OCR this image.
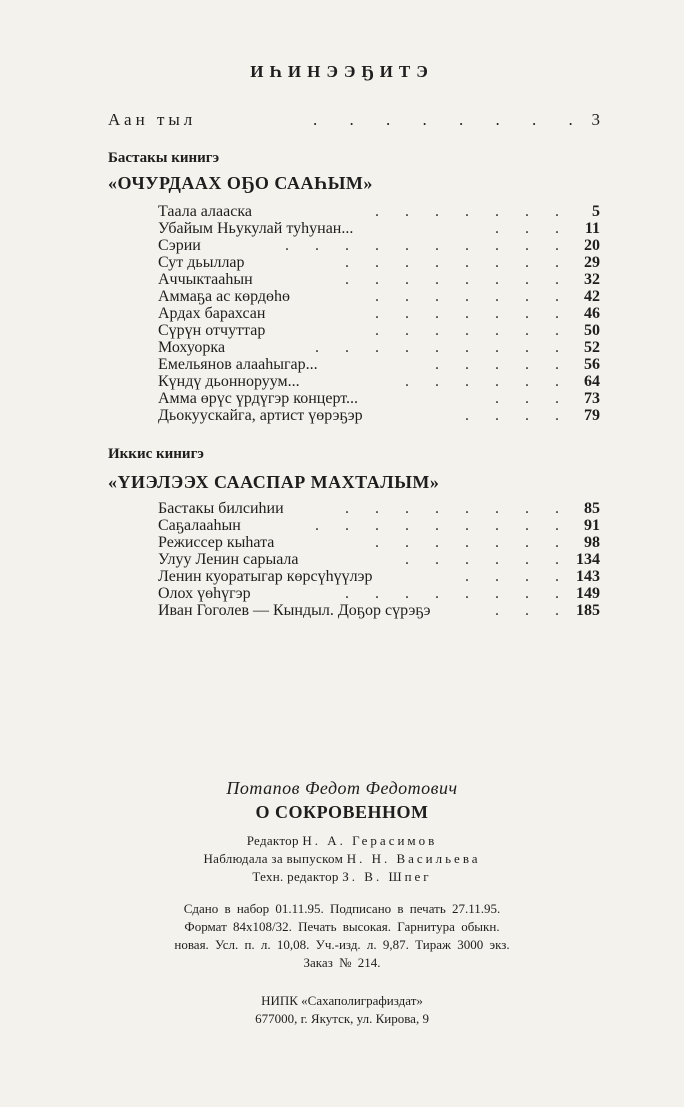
ИҺИНЭЭҔИТЭ
Аан тыл	. . . . . . . . 3
Бастакы кинигэ
«ОЧУРДААХ ОҔО СААҺЫМ»
Таала алааска	. . . . . . . 5
Убайым Ньукулай туһунан...	. . . 11
Сэрии	. . . . . . . . . . 20
Сут дьыллар	. . . . . . . . 29
Аччыктааһын	. . . . . . . . 32
Аммаҕа ас көрдөһө	. . . . . . . 42
Ардах барахсан	. . . . . . . 46
Сүрүн отчуттар	. . . . . . . 50
Мохуорка	. . . . . . . . . 52
Емельянов алааһыгар...	. . . . . 56
Күндү дьонноруум...	. . . . . . 64
Амма өрүс үрдүгэр концерт...	. . . 73
Дьокуускайга, артист үөрэҕэр	. . . . 79
Иккис кинигэ
«ҮИЭЛЭЭХ СААСПАР МАХТАЛЫМ»
Бастакы билсиһии	. . . . . . . . 85
Саҕалааһын	. . . . . . . . . 91
Режиссер кыһата	. . . . . . . 98
Улуу Ленин сарыала	. . . . . . 134
Ленин куоратыгар көрсүһүүлэр	. . . . 143
Олох үөһүгэр	. . . . . . . . 149
Иван Гоголев — Кындыл. Доҕор сүрэҕэ	. . . 185
Потапов Федот Федотович
О СОКРОВЕННОМ
Редактор Н. А. Герасимов
Наблюдала за выпуском Н. Н. Васильева
Техн. редактор З. В. Шпег
Сдано в набор 01.11.95. Подписано в печать 27.11.95.
Формат 84х108/32. Печать высокая. Гарнитура обыкн.
новая. Усл. п. л. 10,08. Уч.-изд. л. 9,87. Тираж 3000 экз.
Заказ № 214.
НИПК «Сахаполиграфиздат»
677000, г. Якутск, ул. Кирова, 9
